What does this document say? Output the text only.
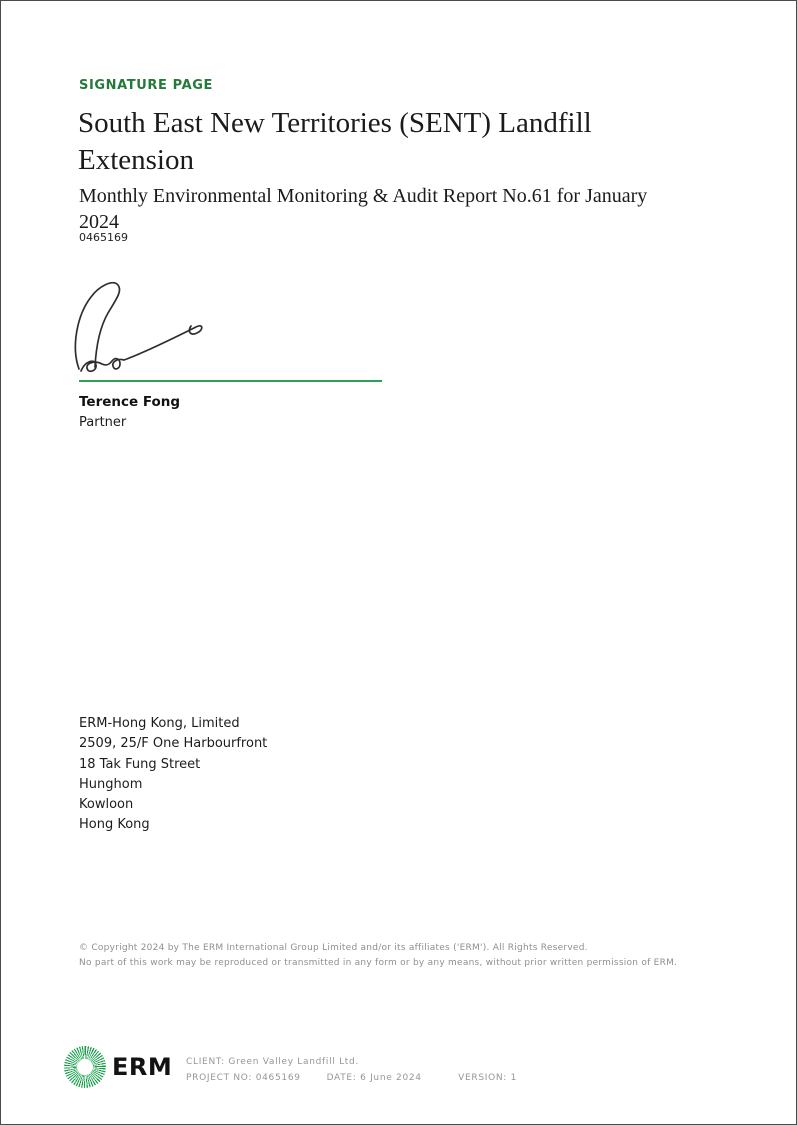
SIGNATURE PAGE
South East New Territories (SENT) Landfill
Extension
Monthly Environmental Monitoring & Audit Report No.61 for January
2024
0465169
Terence Fong
Partner
ERM-Hong Kong, Limited
2509, 25/F One Harbourfront
18 Tak Fung Street
Hunghom
Kowloon
Hong Kong
© Copyright 2024 by The ERM International Group Limited and/or its affiliates ('ERM'). All Rights Reserved.
No part of this work may be reproduced or transmitted in any form or by any means, without prior written permission of ERM.
ERM CLIENT: Green Valley Landfill Ltd.
PROJECT NO: 0465169	DATE: 6 June 2024	VERSION: 1
